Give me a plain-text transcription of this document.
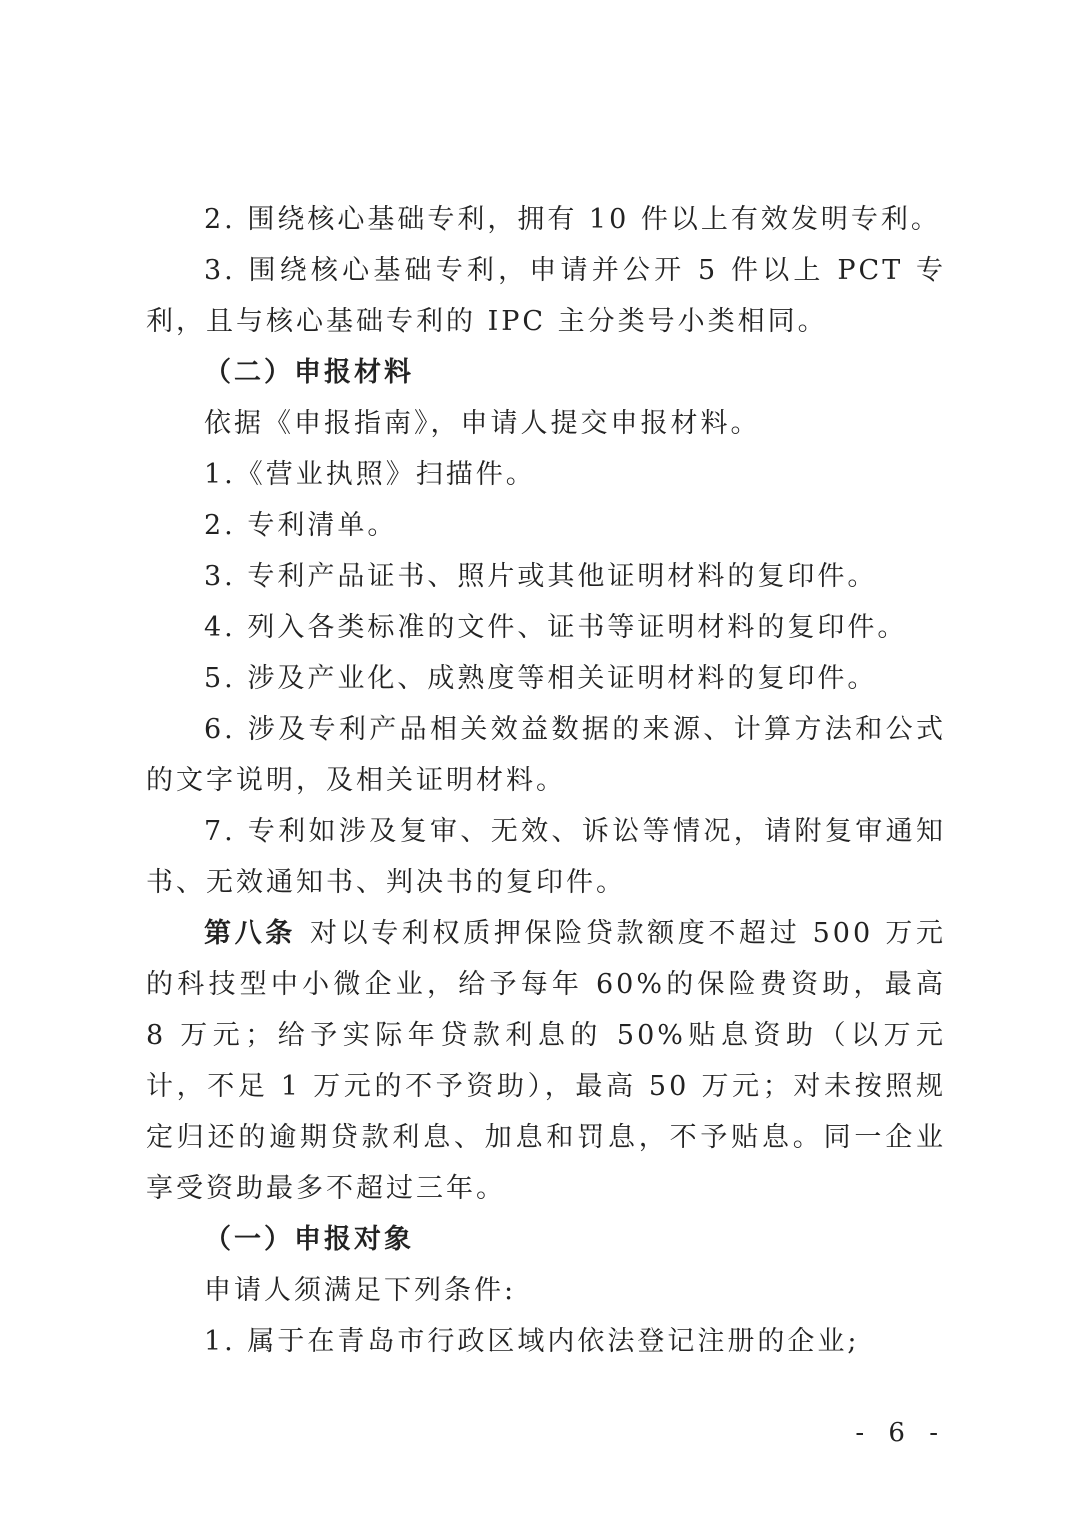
2. 围绕核心基础专利，拥有 10 件以上有效发明专利。

3. 围绕核心基础专利，申请并公开 5 件以上 PCT 专利，且与核心基础专利的 IPC 主分类号小类相同。

（二）申报材料

依据《申报指南》，申请人提交申报材料。

1.《营业执照》扫描件。

2. 专利清单。

3. 专利产品证书、照片或其他证明材料的复印件。

4. 列入各类标准的文件、证书等证明材料的复印件。

5. 涉及产业化、成熟度等相关证明材料的复印件。

6. 涉及专利产品相关效益数据的来源、计算方法和公式的文字说明，及相关证明材料。

7. 专利如涉及复审、无效、诉讼等情况，请附复审通知书、无效通知书、判决书的复印件。

第八条 对以专利权质押保险贷款额度不超过 500 万元的科技型中小微企业，给予每年 60%的保险费资助，最高 8 万元；给予实际年贷款利息的 50%贴息资助（以万元计，不足 1 万元的不予资助），最高 50 万元；对未按照规定归还的逾期贷款利息、加息和罚息，不予贴息。同一企业享受资助最多不超过三年。

（一）申报对象

申请人须满足下列条件:

1. 属于在青岛市行政区域内依法登记注册的企业;

- 6 -
